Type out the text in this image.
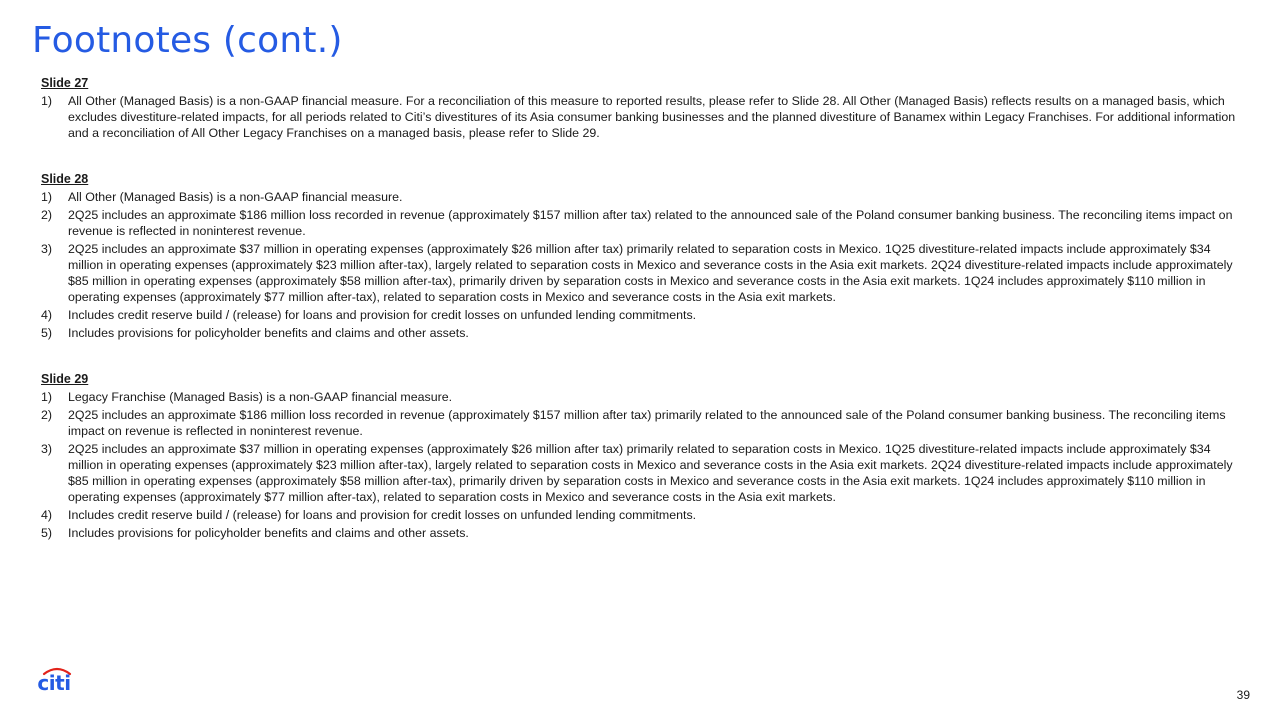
Footnotes (cont.)
Slide 27
1)	All Other (Managed Basis) is a non-GAAP financial measure. For a reconciliation of this measure to reported results, please refer to Slide 28. All Other (Managed Basis) reflects results on a managed basis, which excludes divestiture-related impacts, for all periods related to Citi’s divestitures of its Asia consumer banking businesses and the planned divestiture of Banamex within Legacy Franchises. For additional information and a reconciliation of All Other Legacy Franchises on a managed basis, please refer to Slide 29.
Slide 28
1)	All Other (Managed Basis) is a non-GAAP financial measure.
2)	2Q25 includes an approximate $186 million loss recorded in revenue (approximately $157 million after tax) related to the announced sale of the Poland consumer banking business. The reconciling items impact on revenue is reflected in noninterest revenue.
3)	2Q25 includes an approximate $37 million in operating expenses (approximately $26 million after tax) primarily related to separation costs in Mexico. 1Q25 divestiture-related impacts include approximately $34 million in operating expenses (approximately $23 million after-tax), largely related to separation costs in Mexico and severance costs in the Asia exit markets. 2Q24 divestiture-related impacts include approximately $85 million in operating expenses (approximately $58 million after-tax), primarily driven by separation costs in Mexico and severance costs in the Asia exit markets. 1Q24 includes approximately $110 million in operating expenses (approximately $77 million after-tax), related to separation costs in Mexico and severance costs in the Asia exit markets.
4)	Includes credit reserve build / (release) for loans and provision for credit losses on unfunded lending commitments.
5)	Includes provisions for policyholder benefits and claims and other assets.
Slide 29
1)	Legacy Franchise (Managed Basis) is a non-GAAP financial measure.
2)	2Q25 includes an approximate $186 million loss recorded in revenue (approximately $157 million after tax) primarily related to the announced sale of the Poland consumer banking business. The reconciling items impact on revenue is reflected in noninterest revenue.
3)	2Q25 includes an approximate $37 million in operating expenses (approximately $26 million after tax) primarily related to separation costs in Mexico. 1Q25 divestiture-related impacts include approximately $34 million in operating expenses (approximately $23 million after-tax), largely related to separation costs in Mexico and severance costs in the Asia exit markets. 2Q24 divestiture-related impacts include approximately $85 million in operating expenses (approximately $58 million after-tax), primarily driven by separation costs in Mexico and severance costs in the Asia exit markets. 1Q24 includes approximately $110 million in operating expenses (approximately $77 million after-tax), related to separation costs in Mexico and severance costs in the Asia exit markets.
4)	Includes credit reserve build / (release) for loans and provision for credit losses on unfunded lending commitments.
5)	Includes provisions for policyholder benefits and claims and other assets.
citi	39
